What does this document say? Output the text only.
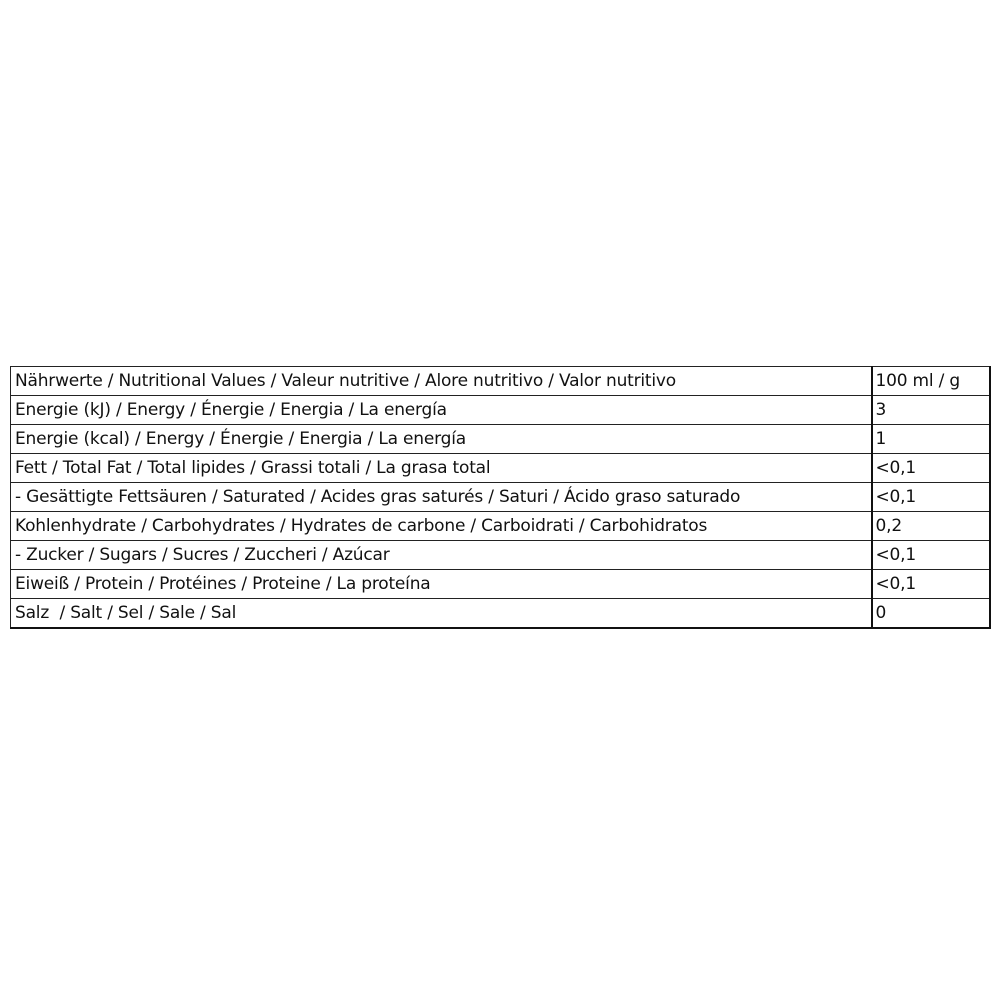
Nährwerte / Nutritional Values / Valeur nutritive / Alore nutritivo / Valor nutritivo	100 ml / g
Energie (kJ) / Energy / Énergie / Energia / La energía	3
Energie (kcal) / Energy / Énergie / Energia / La energía	1
Fett / Total Fat / Total lipides / Grassi totali / La grasa total	<0,1
- Gesättigte Fettsäuren / Saturated / Acides gras saturés / Saturi / Ácido graso saturado	<0,1
Kohlenhydrate / Carbohydrates / Hydrates de carbone / Carboidrati / Carbohidratos	0,2
- Zucker / Sugars / Sucres / Zuccheri / Azúcar	<0,1
Eiweiß / Protein / Protéines / Proteine / La proteína	<0,1
Salz  / Salt / Sel / Sale / Sal	0
